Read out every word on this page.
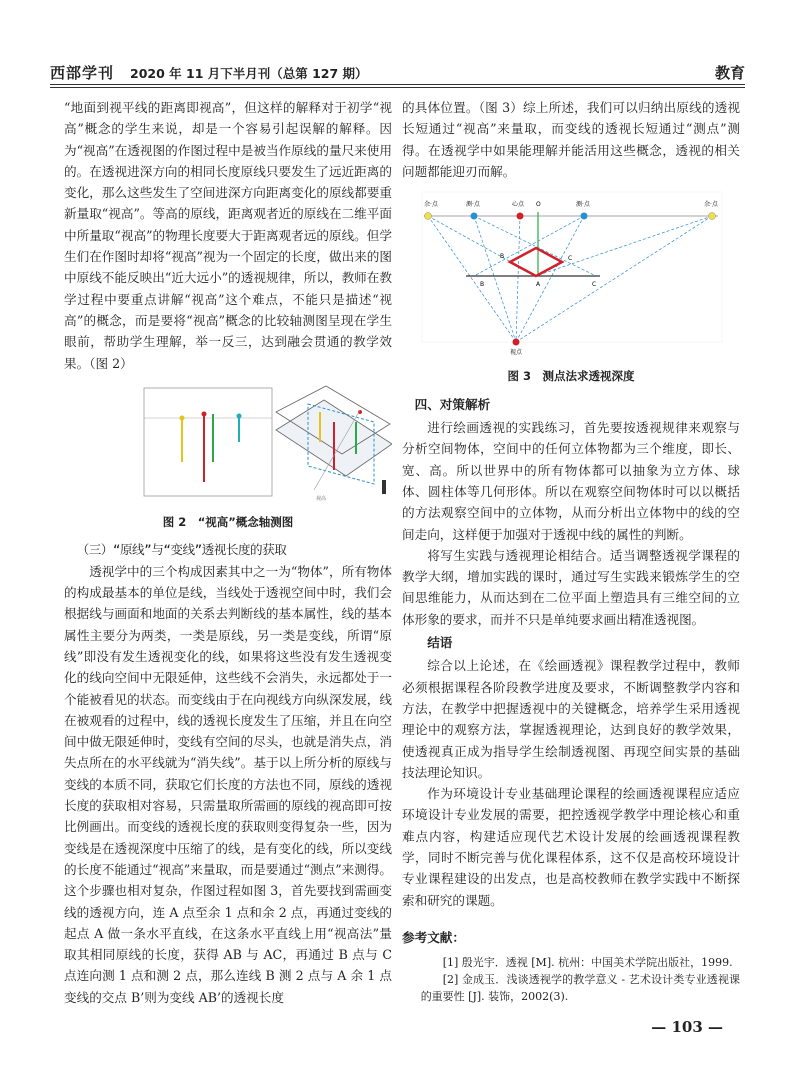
西部学刊 2020 年 11 月下半月刊（总第 127 期）	教育

“地面到视平线的距离即视高”，但这样的解释对于初学“视高”概念的学生来说，却是一个容易引起误解的解释。因为“视高”在透视图的作图过程中是被当作原线的量尺来使用的。在透视进深方向的相同长度原线只要发生了远近距离的变化，那么这些发生了空间进深方向距离变化的原线都要重新量取“视高”。等高的原线，距离观者近的原线在二维平面中所量取“视高”的物理长度要大于距离观者远的原线。但学生们在作图时却将“视高”视为一个固定的长度，做出来的图中原线不能反映出“近大远小”的透视规律，所以，教师在教学过程中要重点讲解“视高”这个难点，不能只是描述“视高”的概念，而是要将“视高”概念的比较轴测图呈现在学生眼前，帮助学生理解，举一反三，达到融会贯通的教学效果。（图 2）

视高
图 2　“视高”概念轴测图
（三）“原线”与“变线”透视长度的获取

透视学中的三个构成因素其中之一为“物体”，所有物体的构成最基本的单位是线，当线处于透视空间中时，我们会根据线与画面和地面的关系去判断线的基本属性，线的基本属性主要分为两类，一类是原线，另一类是变线，所谓“原线”即没有发生透视变化的线，如果将这些没有发生透视变化的线向空间中无限延伸，这些线不会消失，永远都处于一个能被看见的状态。而变线由于在向视线方向纵深发展，线在被观看的过程中，线的透视长度发生了压缩，并且在向空间中做无限延伸时，变线有空间的尽头，也就是消失点，消失点所在的水平线就为“消失线”。基于以上所分析的原线与变线的本质不同，获取它们长度的方法也不同，原线的透视长度的获取相对容易，只需量取所需画的原线的视高即可按比例画出。而变线的透视长度的获取则变得复杂一些，因为变线是在透视深度中压缩了的线，是有变化的线，所以变线的长度不能通过“视高”来量取，而是要通过“测点”来测得。这个步骤也相对复杂，作图过程如图 3，首先要找到需画变线的透视方向，连 A 点至余 1 点和余 2 点，再通过变线的起点 A 做一条水平直线，在这条水平直线上用“视高法”量取其相同原线的长度，获得 AB 与 AC，再通过 B 点与 C 点连向测 1 点和测 2 点，那么连线 B 测 2 点与 A 余 1 点变线的交点 B’则为变线 AB’的透视长度

的具体位置。（图 3）综上所述，我们可以归纳出原线的透视长短通过“视高”来量取，而变线的透视长短通过“测点”测得。在透视学中如果能理解并能活用这些概念，透视的相关问题都能迎刃而解。

余·点	测·点	心点 O	测·点	余·点
B	C
B	A	C
视点
图 3　测点法求透视深度
四、对策解析

进行绘画透视的实践练习，首先要按透视规律来观察与分析空间物体，空间中的任何立体物都为三个维度，即长、宽、高。所以世界中的所有物体都可以抽象为立方体、球体、圆柱体等几何形体。所以在观察空间物体时可以以概括的方法观察空间中的立体物，从而分析出立体物中的线的空间走向，这样便于加强对于透视中线的属性的判断。

将写生实践与透视理论相结合。适当调整透视学课程的教学大纲，增加实践的课时，通过写生实践来锻炼学生的空间思维能力，从而达到在二位平面上塑造具有三维空间的立体形象的要求，而并不只是单纯要求画出精准透视图。

结语

综合以上论述，在《绘画透视》课程教学过程中，教师必须根据课程各阶段教学进度及要求，不断调整教学内容和方法，在教学中把握透视中的关键概念，培养学生采用透视理论中的观察方法，掌握透视理论，达到良好的教学效果，使透视真正成为指导学生绘制透视图、再现空间实景的基础技法理论知识。

作为环境设计专业基础理论课程的绘画透视课程应适应环境设计专业发展的需要，把控透视学教学中理论核心和重难点内容，构建适应现代艺术设计发展的绘画透视课程教学，同时不断完善与优化课程体系，这不仅是高校环境设计专业课程建设的出发点，也是高校教师在教学实践中不断探索和研究的课题。

参考文献：

[1] 殷光宇．透视 [M]. 杭州：中国美术学院出版社，1999.

[2] 金成玉．浅谈透视学的教学意义 - 艺术设计类专业透视课的重要性 [J]. 装饰，2002(3).

— 103 —
